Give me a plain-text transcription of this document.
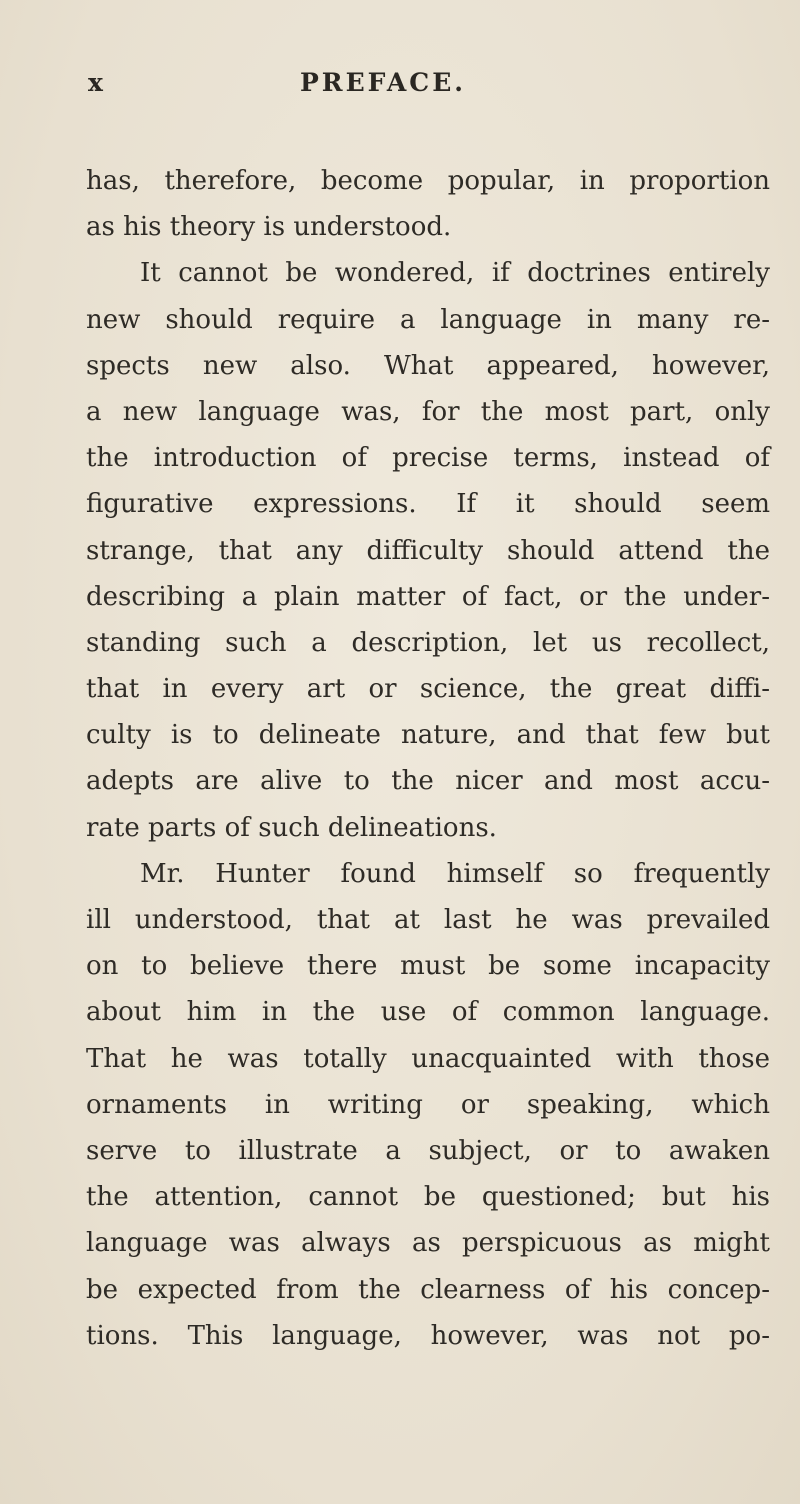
x	PREFACE.
has, therefore, become popular, in proportion
as his theory is understood.
It cannot be wondered, if doctrines entirely
new should require a language in many re-
spects new also. What appeared, however,
a new language was, for the most part, only
the introduction of precise terms, instead of
figurative expressions. If it should seem
strange, that any difficulty should attend the
describing a plain matter of fact, or the under-
standing such a description, let us recollect,
that in every art or science, the great diffi-
culty is to delineate nature, and that few but
adepts are alive to the nicer and most accu-
rate parts of such delineations.
Mr. Hunter found himself so frequently
ill understood, that at last he was prevailed
on to believe there must be some incapacity
about him in the use of common language.
That he was totally unacquainted with those
ornaments in writing or speaking, which
serve to illustrate a subject, or to awaken
the attention, cannot be questioned; but his
language was always as perspicuous as might
be expected from the clearness of his concep-
tions. This language, however, was not po-
